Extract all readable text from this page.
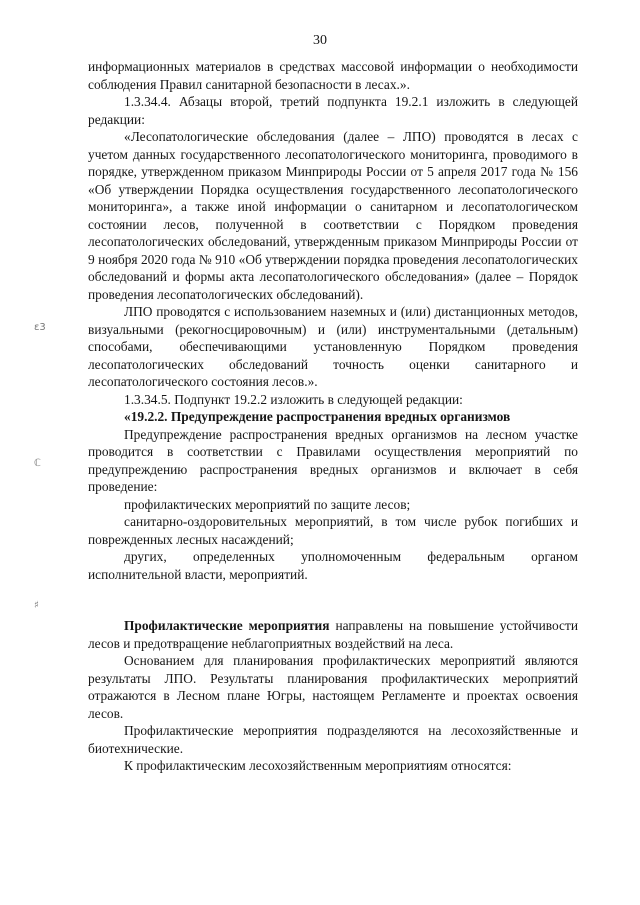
30
ε3
ℂ
♯

информационных материалов в средствах массовой информации о необходимости соблюдения Правил санитарной безопасности в лесах.».

1.3.34.4. Абзацы второй, третий подпункта 19.2.1 изложить в следующей редакции:

«Лесопатологические обследования (далее – ЛПО) проводятся в лесах с учетом данных государственного лесопатологического мониторинга, проводимого в порядке, утвержденном приказом Минприроды России от 5 апреля 2017 года № 156 «Об утверждении Порядка осуществления государственного лесопатологического мониторинга», а также иной информации о санитарном и лесопатологическом состоянии лесов, полученной в соответствии с Порядком проведения лесопатологических обследований, утвержденным приказом Минприроды России от 9 ноября 2020 года № 910 «Об утверждении порядка проведения лесопатологических обследований и формы акта лесопатологического обследования» (далее – Порядок проведения лесопатологических обследований).

ЛПО проводятся с использованием наземных и (или) дистанционных методов, визуальными (рекогносцировочным) и (или) инструментальными (детальным) способами, обеспечивающими установленную Порядком проведения лесопатологических обследований точность оценки санитарного и лесопатологического состояния лесов.».

1.3.34.5. Подпункт 19.2.2 изложить в следующей редакции:

«19.2.2. Предупреждение распространения вредных организмов

Предупреждение распространения вредных организмов на лесном участке проводится в соответствии с Правилами осуществления мероприятий по предупреждению распространения вредных организмов и включает в себя проведение:

профилактических мероприятий по защите лесов;

санитарно-оздоровительных мероприятий, в том числе рубок погибших и поврежденных лесных насаждений;

других, определенных уполномоченным федеральным органом исполнительной власти, мероприятий.

Профилактические мероприятия направлены на повышение устойчивости лесов и предотвращение неблагоприятных воздействий на леса.

Основанием для планирования профилактических мероприятий являются результаты ЛПО. Результаты планирования профилактических мероприятий отражаются в Лесном плане Югры, настоящем Регламенте и проектах освоения лесов.

Профилактические мероприятия подразделяются на лесохозяйственные и биотехнические.

К профилактическим лесохозяйственным мероприятиям относятся:
